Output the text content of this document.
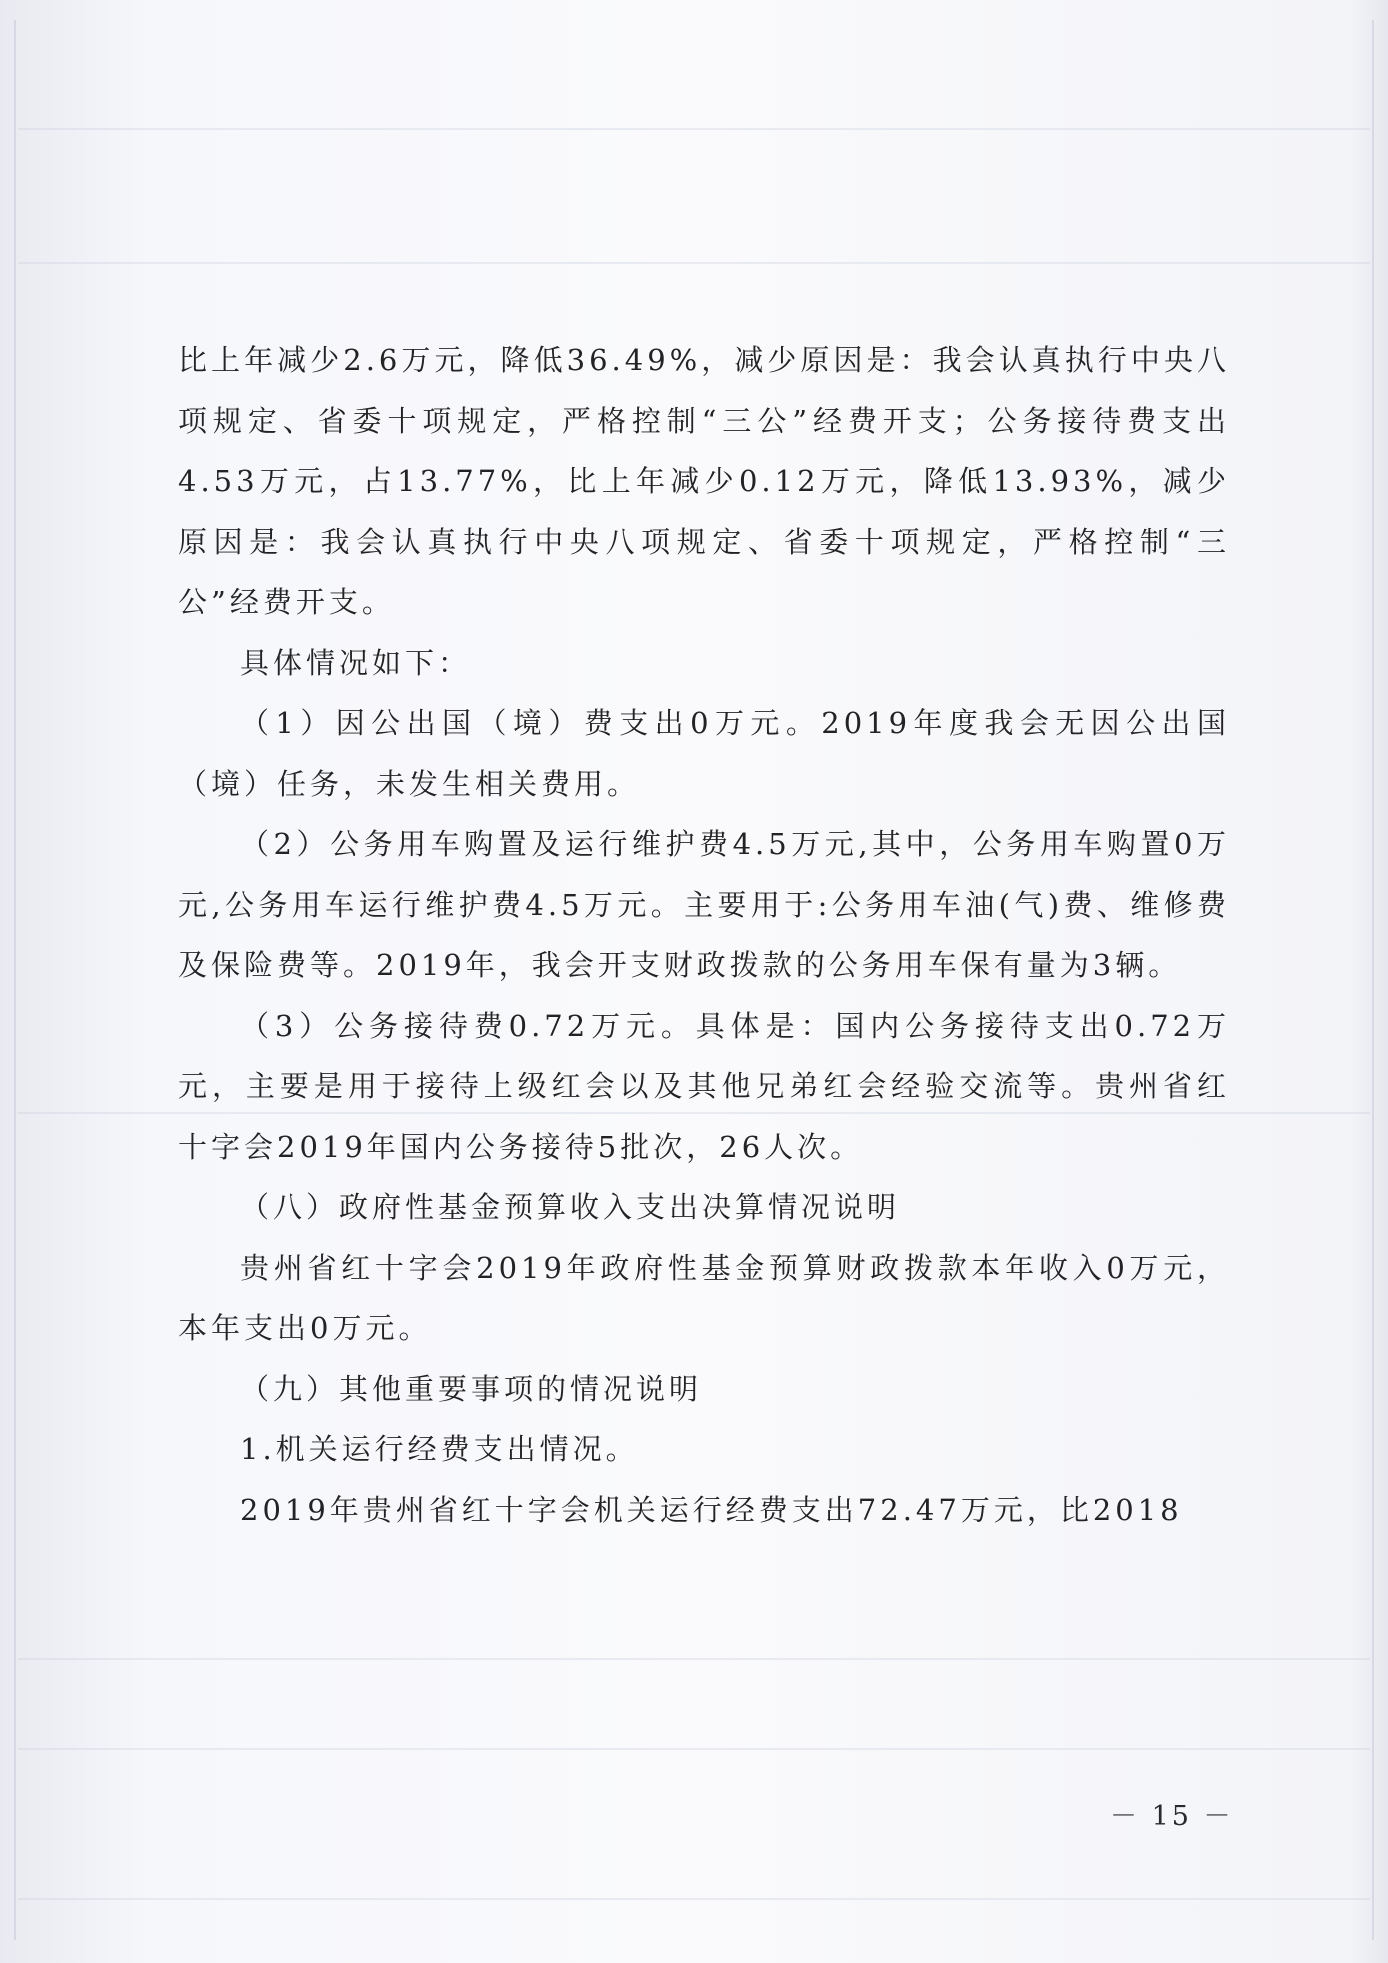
比上年减少2.6万元，降低36.49%，减少原因是：我会认真执行中央八项规定、省委十项规定，严格控制“三公”经费开支；公务接待费支出4.53万元，占13.77%，比上年减少0.12万元，降低13.93%，减少原因是：我会认真执行中央八项规定、省委十项规定，严格控制“三公”经费开支。

具体情况如下：

（1）因公出国（境）费支出0万元。2019年度我会无因公出国（境）任务，未发生相关费用。

（2）公务用车购置及运行维护费4.5万元,其中，公务用车购置0万元,公务用车运行维护费4.5万元。主要用于:公务用车油(气)费、维修费及保险费等。2019年，我会开支财政拨款的公务用车保有量为3辆。

（3）公务接待费0.72万元。具体是：国内公务接待支出0.72万元，主要是用于接待上级红会以及其他兄弟红会经验交流等。贵州省红十字会2019年国内公务接待5批次，26人次。

（八）政府性基金预算收入支出决算情况说明

贵州省红十字会2019年政府性基金预算财政拨款本年收入0万元，本年支出0万元。

（九）其他重要事项的情况说明

1.机关运行经费支出情况。

2019年贵州省红十字会机关运行经费支出72.47万元，比2018

－ 15 －
